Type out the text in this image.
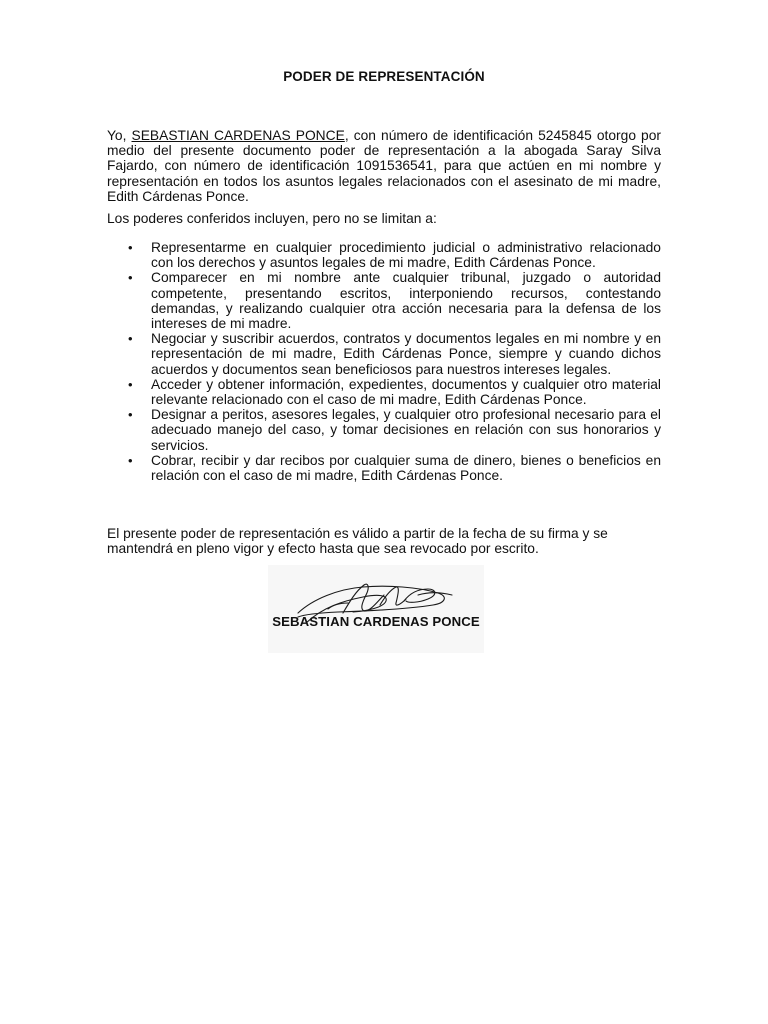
PODER DE REPRESENTACIÓN
Yo, SEBASTIAN CARDENAS PONCE, con número de identificación 5245845 otorgo por medio del presente documento poder de representación a la abogada Saray Silva Fajardo, con número de identificación 1091536541, para que actúen en mi nombre y representación en todos los asuntos legales relacionados con el asesinato de mi madre, Edith Cárdenas Ponce.
Los poderes conferidos incluyen, pero no se limitan a:
• Representarme en cualquier procedimiento judicial o administrativo relacionado con los derechos y asuntos legales de mi madre, Edith Cárdenas Ponce.
• Comparecer en mi nombre ante cualquier tribunal, juzgado o autoridad competente, presentando escritos, interponiendo recursos, contestando demandas, y realizando cualquier otra acción necesaria para la defensa de los intereses de mi madre.
• Negociar y suscribir acuerdos, contratos y documentos legales en mi nombre y en representación de mi madre, Edith Cárdenas Ponce, siempre y cuando dichos acuerdos y documentos sean beneficiosos para nuestros intereses legales.
• Acceder y obtener información, expedientes, documentos y cualquier otro material relevante relacionado con el caso de mi madre, Edith Cárdenas Ponce.
• Designar a peritos, asesores legales, y cualquier otro profesional necesario para el adecuado manejo del caso, y tomar decisiones en relación con sus honorarios y servicios.
• Cobrar, recibir y dar recibos por cualquier suma de dinero, bienes o beneficios en relación con el caso de mi madre, Edith Cárdenas Ponce.
El presente poder de representación es válido a partir de la fecha de su firma y se mantendrá en pleno vigor y efecto hasta que sea revocado por escrito.
SEBASTIAN CARDENAS PONCE
